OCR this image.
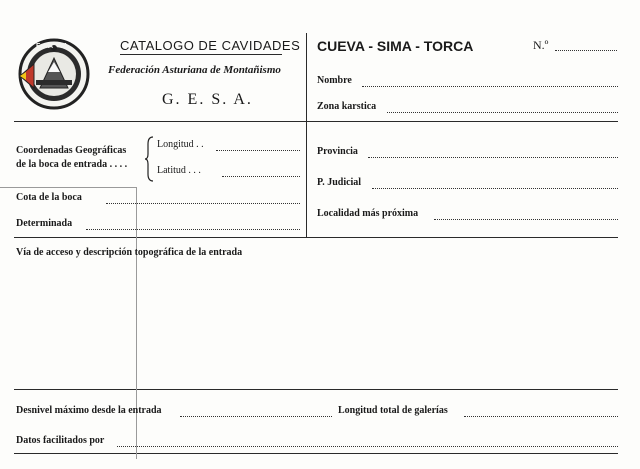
F A M	CATALOGO DE CAVIDADES
Federación Asturiana de Montañismo
G. E. S. A.
CUEVA - SIMA - TORCA	N.º
Nombre
Zona karstica
Coordenadas Geográficas
de la boca de entrada . . . .
Longitud . .
Latitud . . .
Provincia
P. Judicial
Localidad más próxima
Cota de la boca
Determinada
Vía de acceso y descripción topográfica de la entrada
Desnivel máximo desde la entrada	Longitud total de galerías
Datos facilitados por
